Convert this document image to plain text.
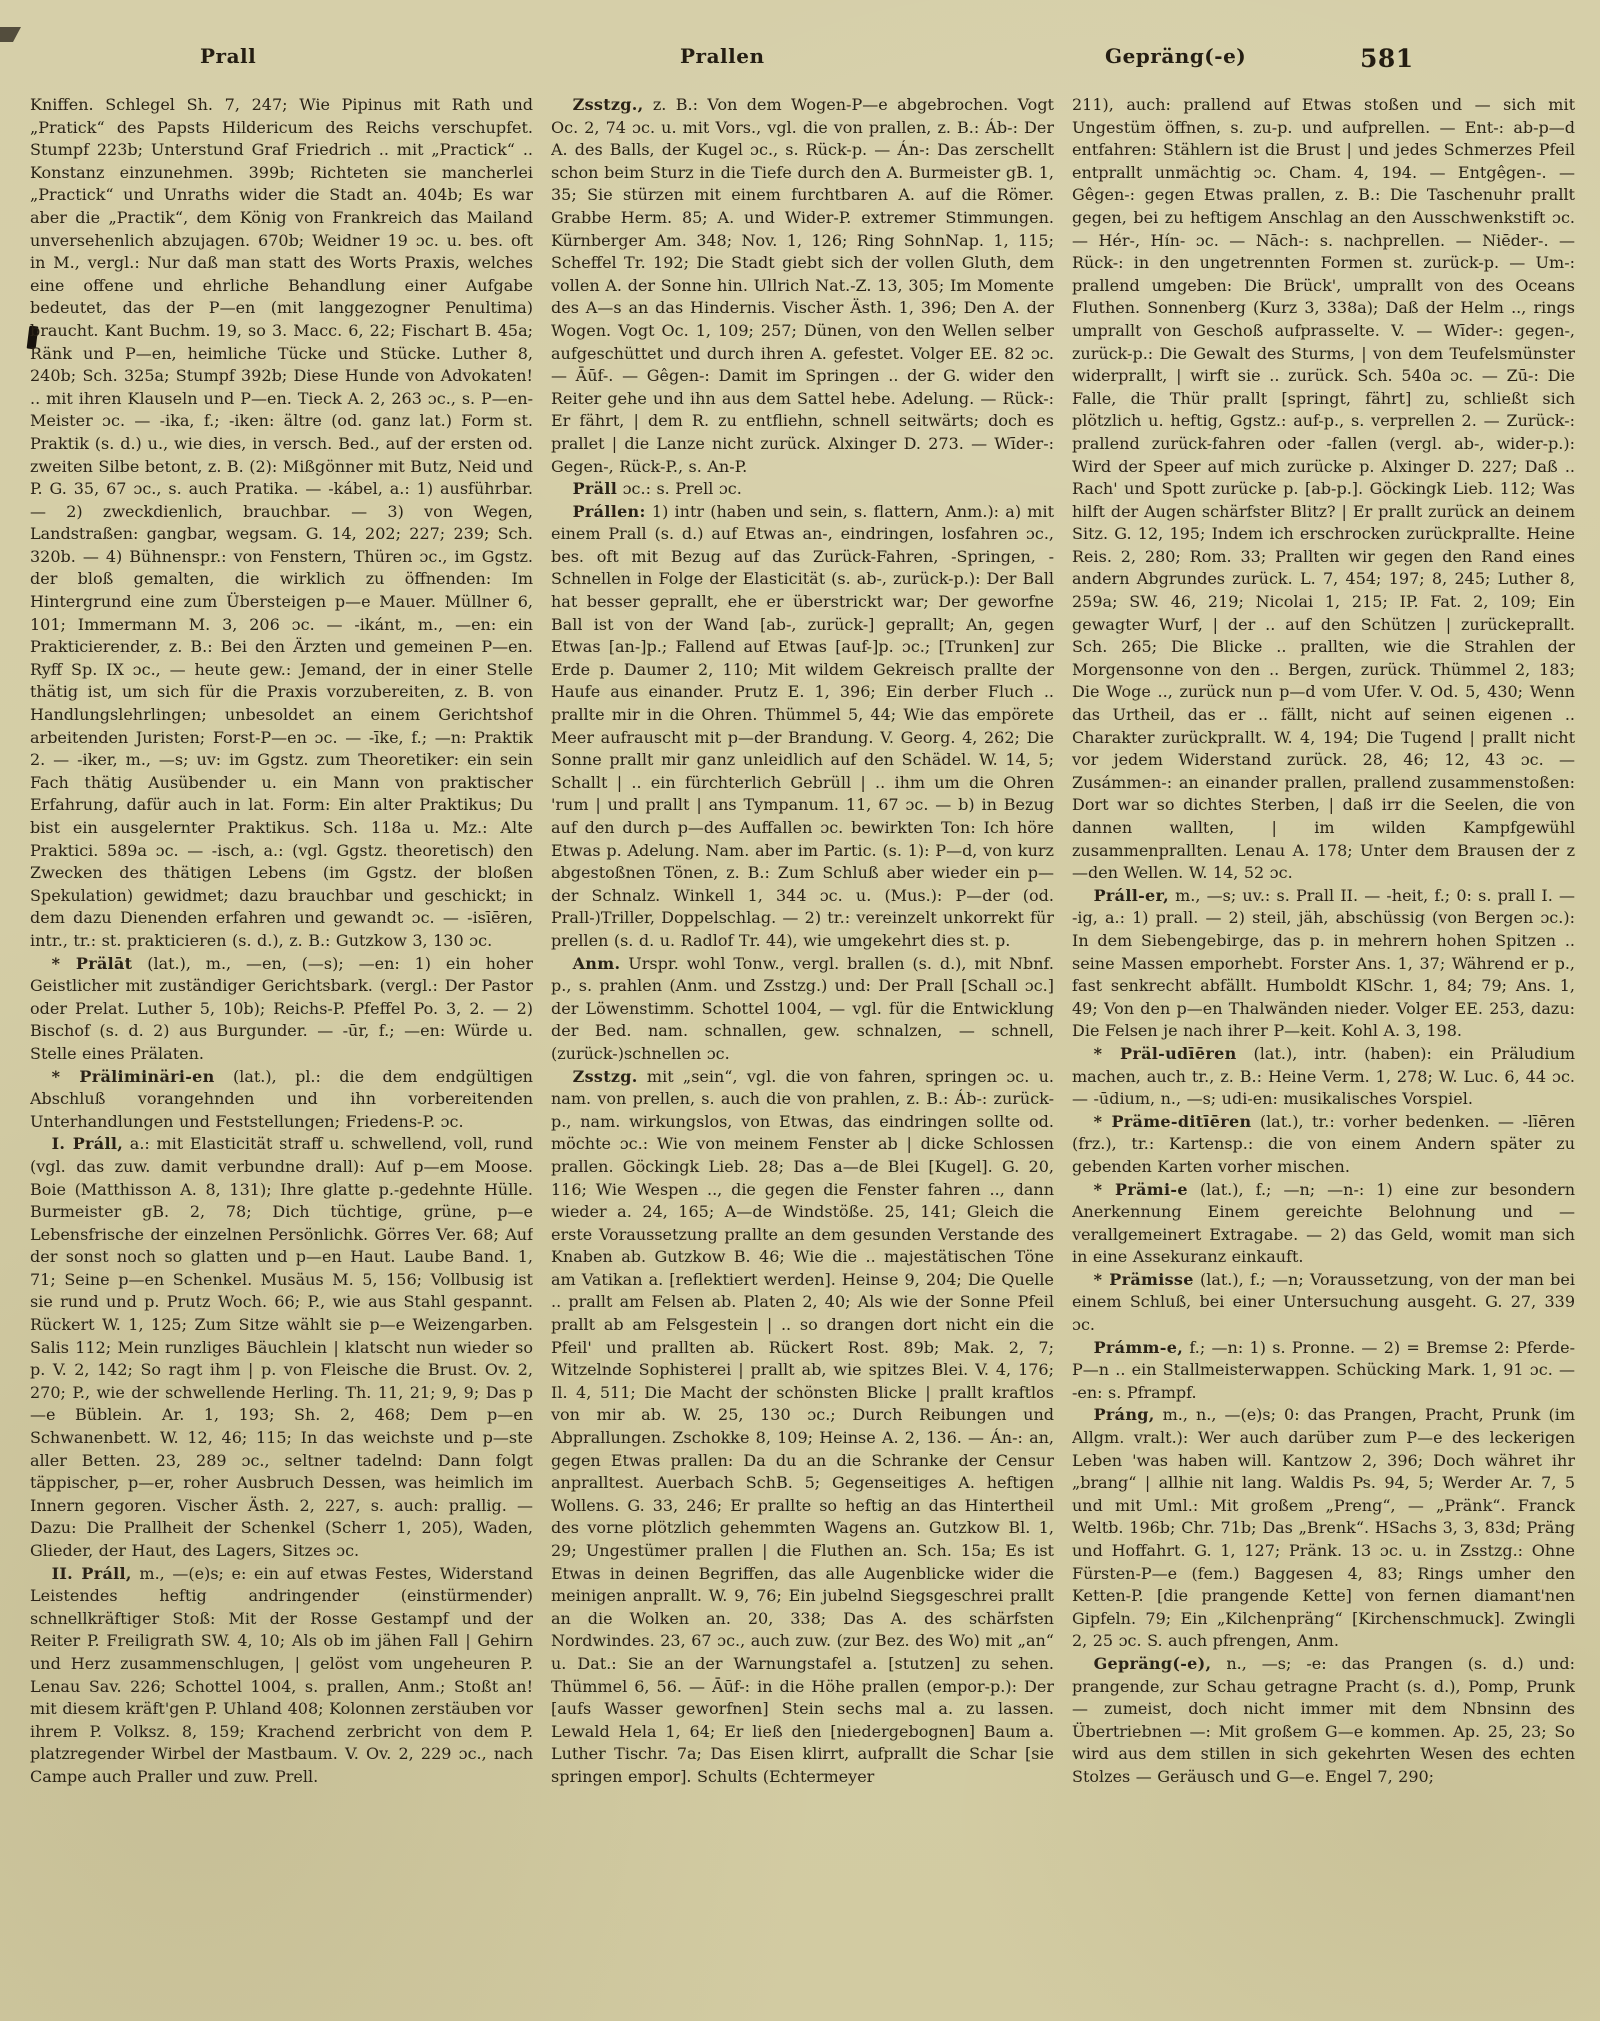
Prall	Prallen	Gepräng(-e)	581

Kniffen. Schlegel Sh. 7, 247; Wie Pipinus mit Rath und „Pratick“ des Papsts Hildericum des Reichs verschupfet. Stumpf 223b; Unterstund Graf Friedrich .. mit „Practick“ .. Konstanz einzunehmen. 399b; Richteten sie mancherlei „Practick“ und Unraths wider die Stadt an. 404b; Es war aber die „Practik“, dem König von Frankreich das Mailand unversehenlich abzujagen. 670b; Weidner 19 ɔc. u. bes. oft in M., vergl.: Nur daß man statt des Worts Praxis, welches eine offene und ehrliche Behandlung einer Aufgabe bedeutet, das der P—en (mit langgezogner Penultima) braucht. Kant Buchm. 19, so 3. Macc. 6, 22; Fischart B. 45a; Ränk und P—en, heimliche Tücke und Stücke. Luther 8, 240b; Sch. 325a; Stumpf 392b; Diese Hunde von Advokaten! .. mit ihren Klauseln und P—en. Tieck A. 2, 263 ɔc., s. P—en-Meister ɔc. — -ika, f.; -iken: ältre (od. ganz lat.) Form st. Praktik (s. d.) u., wie dies, in versch. Bed., auf der ersten od. zweiten Silbe betont, z. B. (2): Mißgönner mit Butz, Neid und P. G. 35, 67 ɔc., s. auch Pratika. — -kábel, a.: 1) ausführbar. — 2) zweckdienlich, brauchbar. — 3) von Wegen, Landstraßen: gangbar, wegsam. G. 14, 202; 227; 239; Sch. 320b. — 4) Bühnenspr.: von Fenstern, Thüren ɔc., im Ggstz. der bloß gemalten, die wirklich zu öffnenden: Im Hintergrund eine zum Übersteigen p—e Mauer. Müllner 6, 101; Immermann M. 3, 206 ɔc. — -ikánt, m., —en: ein Prakticierender, z. B.: Bei den Ärzten und gemeinen P—en. Ryff Sp. IX ɔc., — heute gew.: Jemand, der in einer Stelle thätig ist, um sich für die Praxis vorzubereiten, z. B. von Handlungslehrlingen; unbesoldet an einem Gerichtshof arbeitenden Juristen; Forst-P—en ɔc. — -īke, f.; —n: Praktik 2. — -iker, m., —s; uv: im Ggstz. zum Theoretiker: ein sein Fach thätig Ausübender u. ein Mann von praktischer Erfahrung, dafür auch in lat. Form: Ein alter Praktikus; Du bist ein ausgelernter Praktikus. Sch. 118a u. Mz.: Alte Praktici. 589a ɔc. — -isch, a.: (vgl. Ggstz. theoretisch) den Zwecken des thätigen Lebens (im Ggstz. der bloßen Spekulation) gewidmet; dazu brauchbar und geschickt; in dem dazu Dienenden erfahren und gewandt ɔc. — -isīēren, intr., tr.: st. prakticieren (s. d.), z. B.: Gutzkow 3, 130 ɔc.

* Prälāt (lat.), m., —en, (—s); —en: 1) ein hoher Geistlicher mit zuständiger Gerichtsbark. (vergl.: Der Pastor oder Prelat. Luther 5, 10b); Reichs-P. Pfeffel Po. 3, 2. — 2) Bischof (s. d. 2) aus Burgunder. — -ūr, f.; —en: Würde u. Stelle eines Prälaten.

* Präliminäri-en (lat.), pl.: die dem endgültigen Abschluß vorangehnden und ihn vorbereitenden Unterhandlungen und Feststellungen; Friedens-P. ɔc.

I. Práll, a.: mit Elasticität straff u. schwellend, voll, rund (vgl. das zuw. damit verbundne drall): Auf p—em Moose. Boie (Matthisson A. 8, 131); Ihre glatte p.-gedehnte Hülle. Burmeister gB. 2, 78; Dich tüchtige, grüne, p—e Lebensfrische der einzelnen Persönlichk. Görres Ver. 68; Auf der sonst noch so glatten und p—en Haut. Laube Band. 1, 71; Seine p—en Schenkel. Musäus M. 5, 156; Vollbusig ist sie rund und p. Prutz Woch. 66; P., wie aus Stahl gespannt. Rückert W. 1, 125; Zum Sitze wählt sie p—e Weizengarben. Salis 112; Mein runzliges Bäuchlein | klatscht nun wieder so p. V. 2, 142; So ragt ihm | p. von Fleische die Brust. Ov. 2, 270; P., wie der schwellende Herling. Th. 11, 21; 9, 9; Das p—e Büblein. Ar. 1, 193; Sh. 2, 468; Dem p—en Schwanenbett. W. 12, 46; 115; In das weichste und p—ste aller Betten. 23, 289 ɔc., seltner tadelnd: Dann folgt täppischer, p—er, roher Ausbruch Dessen, was heimlich im Innern gegoren. Vischer Ästh. 2, 227, s. auch: prallig. — Dazu: Die Prallheit der Schenkel (Scherr 1, 205), Waden, Glieder, der Haut, des Lagers, Sitzes ɔc.

II. Práll, m., —(e)s; e: ein auf etwas Festes, Widerstand Leistendes heftig andringender (einstürmender) schnellkräftiger Stoß: Mit der Rosse Gestampf und der Reiter P. Freiligrath SW. 4, 10; Als ob im jähen Fall | Gehirn und Herz zusammenschlugen, | gelöst vom ungeheuren P. Lenau Sav. 226; Schottel 1004, s. prallen, Anm.; Stoßt an! mit diesem kräft'gen P. Uhland 408; Kolonnen zerstäuben vor ihrem P. Volksz. 8, 159; Krachend zerbricht von dem P. platzregender Wirbel der Mastbaum. V. Ov. 2, 229 ɔc., nach Campe auch Praller und zuw. Prell.

Zsstzg., z. B.: Von dem Wogen-P—e abgebrochen. Vogt Oc. 2, 74 ɔc. u. mit Vors., vgl. die von prallen, z. B.: Áb-: Der A. des Balls, der Kugel ɔc., s. Rück-p. — Án-: Das zerschellt schon beim Sturz in die Tiefe durch den A. Burmeister gB. 1, 35; Sie stürzen mit einem furchtbaren A. auf die Römer. Grabbe Herm. 85; A. und Wider-P. extremer Stimmungen. Kürnberger Am. 348; Nov. 1, 126; Ring SohnNap. 1, 115; Scheffel Tr. 192; Die Stadt giebt sich der vollen Gluth, dem vollen A. der Sonne hin. Ullrich Nat.-Z. 13, 305; Im Momente des A—s an das Hindernis. Vischer Ästh. 1, 396; Den A. der Wogen. Vogt Oc. 1, 109; 257; Dünen, von den Wellen selber aufgeschüttet und durch ihren A. gefestet. Volger EE. 82 ɔc. — Āūf-. — Gêgen-: Damit im Springen .. der G. wider den Reiter gehe und ihn aus dem Sattel hebe. Adelung. — Rück-: Er fährt, | dem R. zu entfliehn, schnell seitwärts; doch es prallet | die Lanze nicht zurück. Alxinger D. 273. — Wīder-: Gegen-, Rück-P., s. An-P.

Präll ɔc.: s. Prell ɔc.

Prállen: 1) intr (haben und sein, s. flattern, Anm.): a) mit einem Prall (s. d.) auf Etwas an-, eindringen, losfahren ɔc., bes. oft mit Bezug auf das Zurück-Fahren, -Springen, -Schnellen in Folge der Elasticität (s. ab-, zurück-p.): Der Ball hat besser geprallt, ehe er überstrickt war; Der geworfne Ball ist von der Wand [ab-, zurück-] geprallt; An, gegen Etwas [an-]p.; Fallend auf Etwas [auf-]p. ɔc.; [Trunken] zur Erde p. Daumer 2, 110; Mit wildem Gekreisch prallte der Haufe aus einander. Prutz E. 1, 396; Ein derber Fluch .. prallte mir in die Ohren. Thümmel 5, 44; Wie das empörete Meer aufrauscht mit p—der Brandung. V. Georg. 4, 262; Die Sonne prallt mir ganz unleidlich auf den Schädel. W. 14, 5; Schallt | .. ein fürchterlich Gebrüll | .. ihm um die Ohren 'rum | und prallt | ans Tympanum. 11, 67 ɔc. — b) in Bezug auf den durch p—des Auffallen ɔc. bewirkten Ton: Ich höre Etwas p. Adelung. Nam. aber im Partic. (s. 1): P—d, von kurz abgestoßnen Tönen, z. B.: Zum Schluß aber wieder ein p—der Schnalz. Winkell 1, 344 ɔc. u. (Mus.): P—der (od. Prall-)Triller, Doppelschlag. — 2) tr.: vereinzelt unkorrekt für prellen (s. d. u. Radlof Tr. 44), wie umgekehrt dies st. p.

Anm. Urspr. wohl Tonw., vergl. brallen (s. d.), mit Nbnf. p., s. prahlen (Anm. und Zsstzg.) und: Der Prall [Schall ɔc.] der Löwenstimm. Schottel 1004, — vgl. für die Entwicklung der Bed. nam. schnallen, gew. schnalzen, — schnell, (zurück-)schnellen ɔc.

Zsstzg. mit „sein“, vgl. die von fahren, springen ɔc. u. nam. von prellen, s. auch die von prahlen, z. B.: Áb-: zurück-p., nam. wirkungslos, von Etwas, das eindringen sollte od. möchte ɔc.: Wie von meinem Fenster ab | dicke Schlossen prallen. Göckingk Lieb. 28; Das a—de Blei [Kugel]. G. 20, 116; Wie Wespen .., die gegen die Fenster fahren .., dann wieder a. 24, 165; A—de Windstöße. 25, 141; Gleich die erste Voraussetzung prallte an dem gesunden Verstande des Knaben ab. Gutzkow B. 46; Wie die .. majestätischen Töne am Vatikan a. [reflektiert werden]. Heinse 9, 204; Die Quelle .. prallt am Felsen ab. Platen 2, 40; Als wie der Sonne Pfeil prallt ab am Felsgestein | .. so drangen dort nicht ein die Pfeil' und prallten ab. Rückert Rost. 89b; Mak. 2, 7; Witzelnde Sophisterei | prallt ab, wie spitzes Blei. V. 4, 176; Il. 4, 511; Die Macht der schönsten Blicke | prallt kraftlos von mir ab. W. 25, 130 ɔc.; Durch Reibungen und Abprallungen. Zschokke 8, 109; Heinse A. 2, 136. — Án-: an, gegen Etwas prallen: Da du an die Schranke der Censur anpralltest. Auerbach SchB. 5; Gegenseitiges A. heftigen Wollens. G. 33, 246; Er prallte so heftig an das Hintertheil des vorne plötzlich gehemmten Wagens an. Gutzkow Bl. 1, 29; Ungestümer prallen | die Fluthen an. Sch. 15a; Es ist Etwas in deinen Begriffen, das alle Augenblicke wider die meinigen anprallt. W. 9, 76; Ein jubelnd Siegsgeschrei prallt an die Wolken an. 20, 338; Das A. des schärfsten Nordwindes. 23, 67 ɔc., auch zuw. (zur Bez. des Wo) mit „an“ u. Dat.: Sie an der Warnungstafel a. [stutzen] zu sehen. Thümmel 6, 56. — Āūf-: in die Höhe prallen (empor-p.): Der [aufs Wasser geworfnen] Stein sechs mal a. zu lassen. Lewald Hela 1, 64; Er ließ den [niedergebognen] Baum a. Luther Tischr. 7a; Das Eisen klirrt, aufprallt die Schar [sie springen empor]. Schults (Echtermeyer

211), auch: prallend auf Etwas stoßen und — sich mit Ungestüm öffnen, s. zu-p. und aufprellen. — Ent-: ab-p—d entfahren: Stählern ist die Brust | und jedes Schmerzes Pfeil entprallt unmächtig ɔc. Cham. 4, 194. — Entgêgen-. — Gêgen-: gegen Etwas prallen, z. B.: Die Taschenuhr prallt gegen, bei zu heftigem Anschlag an den Ausschwenkstift ɔc. — Hér-, Hín- ɔc. — Nāch-: s. nachprellen. — Niēder-. — Rück-: in den ungetrennten Formen st. zurück-p. — Um-: prallend umgeben: Die Brück', umprallt von des Oceans Fluthen. Sonnenberg (Kurz 3, 338a); Daß der Helm .., rings umprallt von Geschoß aufprasselte. V. — Wīder-: gegen-, zurück-p.: Die Gewalt des Sturms, | von dem Teufelsmünster widerprallt, | wirft sie .. zurück. Sch. 540a ɔc. — Zū-: Die Falle, die Thür prallt [springt, fährt] zu, schließt sich plötzlich u. heftig, Ggstz.: auf-p., s. verprellen 2. — Zurück-: prallend zurück-fahren oder -fallen (vergl. ab-, wider-p.): Wird der Speer auf mich zurücke p. Alxinger D. 227; Daß .. Rach' und Spott zurücke p. [ab-p.]. Göckingk Lieb. 112; Was hilft der Augen schärfster Blitz? | Er prallt zurück an deinem Sitz. G. 12, 195; Indem ich erschrocken zurückprallte. Heine Reis. 2, 280; Rom. 33; Prallten wir gegen den Rand eines andern Abgrundes zurück. L. 7, 454; 197; 8, 245; Luther 8, 259a; SW. 46, 219; Nicolai 1, 215; IP. Fat. 2, 109; Ein gewagter Wurf, | der .. auf den Schützen | zurückeprallt. Sch. 265; Die Blicke .. prallten, wie die Strahlen der Morgensonne von den .. Bergen, zurück. Thümmel 2, 183; Die Woge .., zurück nun p—d vom Ufer. V. Od. 5, 430; Wenn das Urtheil, das er .. fällt, nicht auf seinen eigenen .. Charakter zurückprallt. W. 4, 194; Die Tugend | prallt nicht vor jedem Widerstand zurück. 28, 46; 12, 43 ɔc. — Zusámmen-: an einander prallen, prallend zusammenstoßen: Dort war so dichtes Sterben, | daß irr die Seelen, die von dannen wallten, | im wilden Kampfgewühl zusammenprallten. Lenau A. 178; Unter dem Brausen der z—den Wellen. W. 14, 52 ɔc.

Práll-er, m., —s; uv.: s. Prall II. — -heit, f.; 0: s. prall I. — -ig, a.: 1) prall. — 2) steil, jäh, abschüssig (von Bergen ɔc.): In dem Siebengebirge, das p. in mehrern hohen Spitzen .. seine Massen emporhebt. Forster Ans. 1, 37; Während er p., fast senkrecht abfällt. Humboldt KlSchr. 1, 84; 79; Ans. 1, 49; Von den p—en Thalwänden nieder. Volger EE. 253, dazu: Die Felsen je nach ihrer P—keit. Kohl A. 3, 198.

* Präl-udīēren (lat.), intr. (haben): ein Präludium machen, auch tr., z. B.: Heine Verm. 1, 278; W. Luc. 6, 44 ɔc. — -ūdium, n., —s; udi-en: musikalisches Vorspiel.

* Präme-ditīēren (lat.), tr.: vorher bedenken. — -līēren (frz.), tr.: Kartensp.: die von einem Andern später zu gebenden Karten vorher mischen.

* Prämi-e (lat.), f.; —n; —n-: 1) eine zur besondern Anerkennung Einem gereichte Belohnung und — verallgemeinert Extragabe. — 2) das Geld, womit man sich in eine Assekuranz einkauft.

* Prämisse (lat.), f.; —n; Voraussetzung, von der man bei einem Schluß, bei einer Untersuchung ausgeht. G. 27, 339 ɔc.

Prámm-e, f.; —n: 1) s. Pronne. — 2) = Bremse 2: Pferde-P—n .. ein Stallmeisterwappen. Schücking Mark. 1, 91 ɔc. — -en: s. Pframpf.

Práng, m., n., —(e)s; 0: das Prangen, Pracht, Prunk (im Allgm. vralt.): Wer auch darüber zum P—e des leckerigen Leben 'was haben will. Kantzow 2, 396; Doch währet ihr „brang“ | allhie nit lang. Waldis Ps. 94, 5; Werder Ar. 7, 5 und mit Uml.: Mit großem „Preng“, — „Pränk“. Franck Weltb. 196b; Chr. 71b; Das „Brenk“. HSachs 3, 3, 83d; Präng und Hoffahrt. G. 1, 127; Pränk. 13 ɔc. u. in Zsstzg.: Ohne Fürsten-P—e (fem.) Baggesen 4, 83; Rings umher den Ketten-P. [die prangende Kette] von fernen diamant'nen Gipfeln. 79; Ein „Kilchenpräng“ [Kirchenschmuck]. Zwingli 2, 25 ɔc. S. auch pfrengen, Anm.

Gepräng(-e), n., —s; -e: das Prangen (s. d.) und: prangende, zur Schau getragne Pracht (s. d.), Pomp, Prunk — zumeist, doch nicht immer mit dem Nbnsinn des Übertriebnen —: Mit großem G—e kommen. Ap. 25, 23; So wird aus dem stillen in sich gekehrten Wesen des echten Stolzes — Geräusch und G—e. Engel 7, 290;
